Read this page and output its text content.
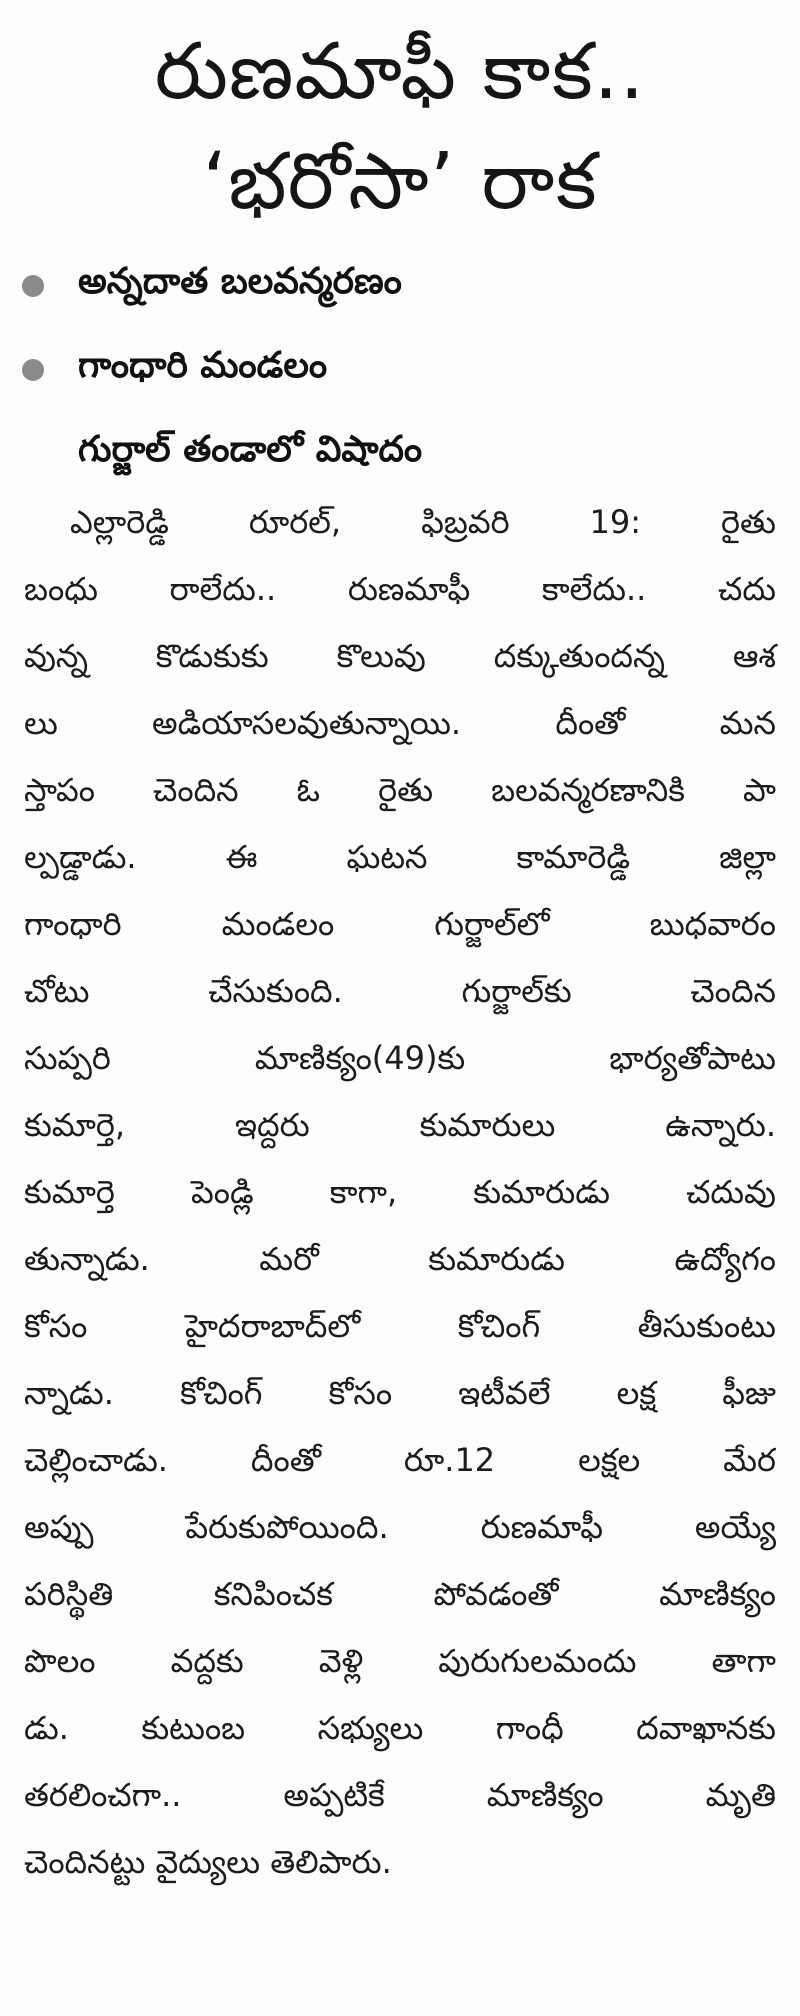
రుణమాఫీ కాక..
‘భరోసా’ రాక
అన్నదాత బలవన్మరణం
గాంధారి మండలం
గుర్జాల్ తండాలో విషాదం
ఎల్లారెడ్డి రూరల్, ఫిబ్రవరి 19: రైతు
బంధు రాలేదు.. రుణమాఫీ కాలేదు.. చదు
వున్న కొడుకుకు కొలువు దక్కుతుందన్న ఆశ
లు అడియాసలవుతున్నాయి. దీంతో మన
స్తాపం చెందిన ఓ రైతు బలవన్మరణానికి పా
ల్పడ్డాడు. ఈ ఘటన కామారెడ్డి జిల్లా
గాంధారి మండలం గుర్జాల్‌లో బుధవారం
చోటు చేసుకుంది. గుర్జాల్‌కు చెందిన
సుప్పరి మాణిక్యం(49)కు భార్యతోపాటు
కుమార్తె, ఇద్దరు కుమారులు ఉన్నారు.
కుమార్తె పెండ్లి కాగా, కుమారుడు చదువు
తున్నాడు. మరో కుమారుడు ఉద్యోగం
కోసం హైదరాబాద్‌లో కోచింగ్ తీసుకుంటు
న్నాడు. కోచింగ్ కోసం ఇటీవలే లక్ష ఫీజు
చెల్లించాడు. దీంతో రూ.12 లక్షల మేర
అప్పు పేరుకుపోయింది. రుణమాఫీ అయ్యే
పరిస్థితి కనిపించక పోవడంతో మాణిక్యం
పొలం వద్దకు వెళ్లి పురుగులమందు తాగా
డు. కుటుంబ సభ్యులు గాంధీ దవాఖానకు
తరలించగా.. అప్పటికే మాణిక్యం మృతి
చెందినట్టు వైద్యులు తెలిపారు.
